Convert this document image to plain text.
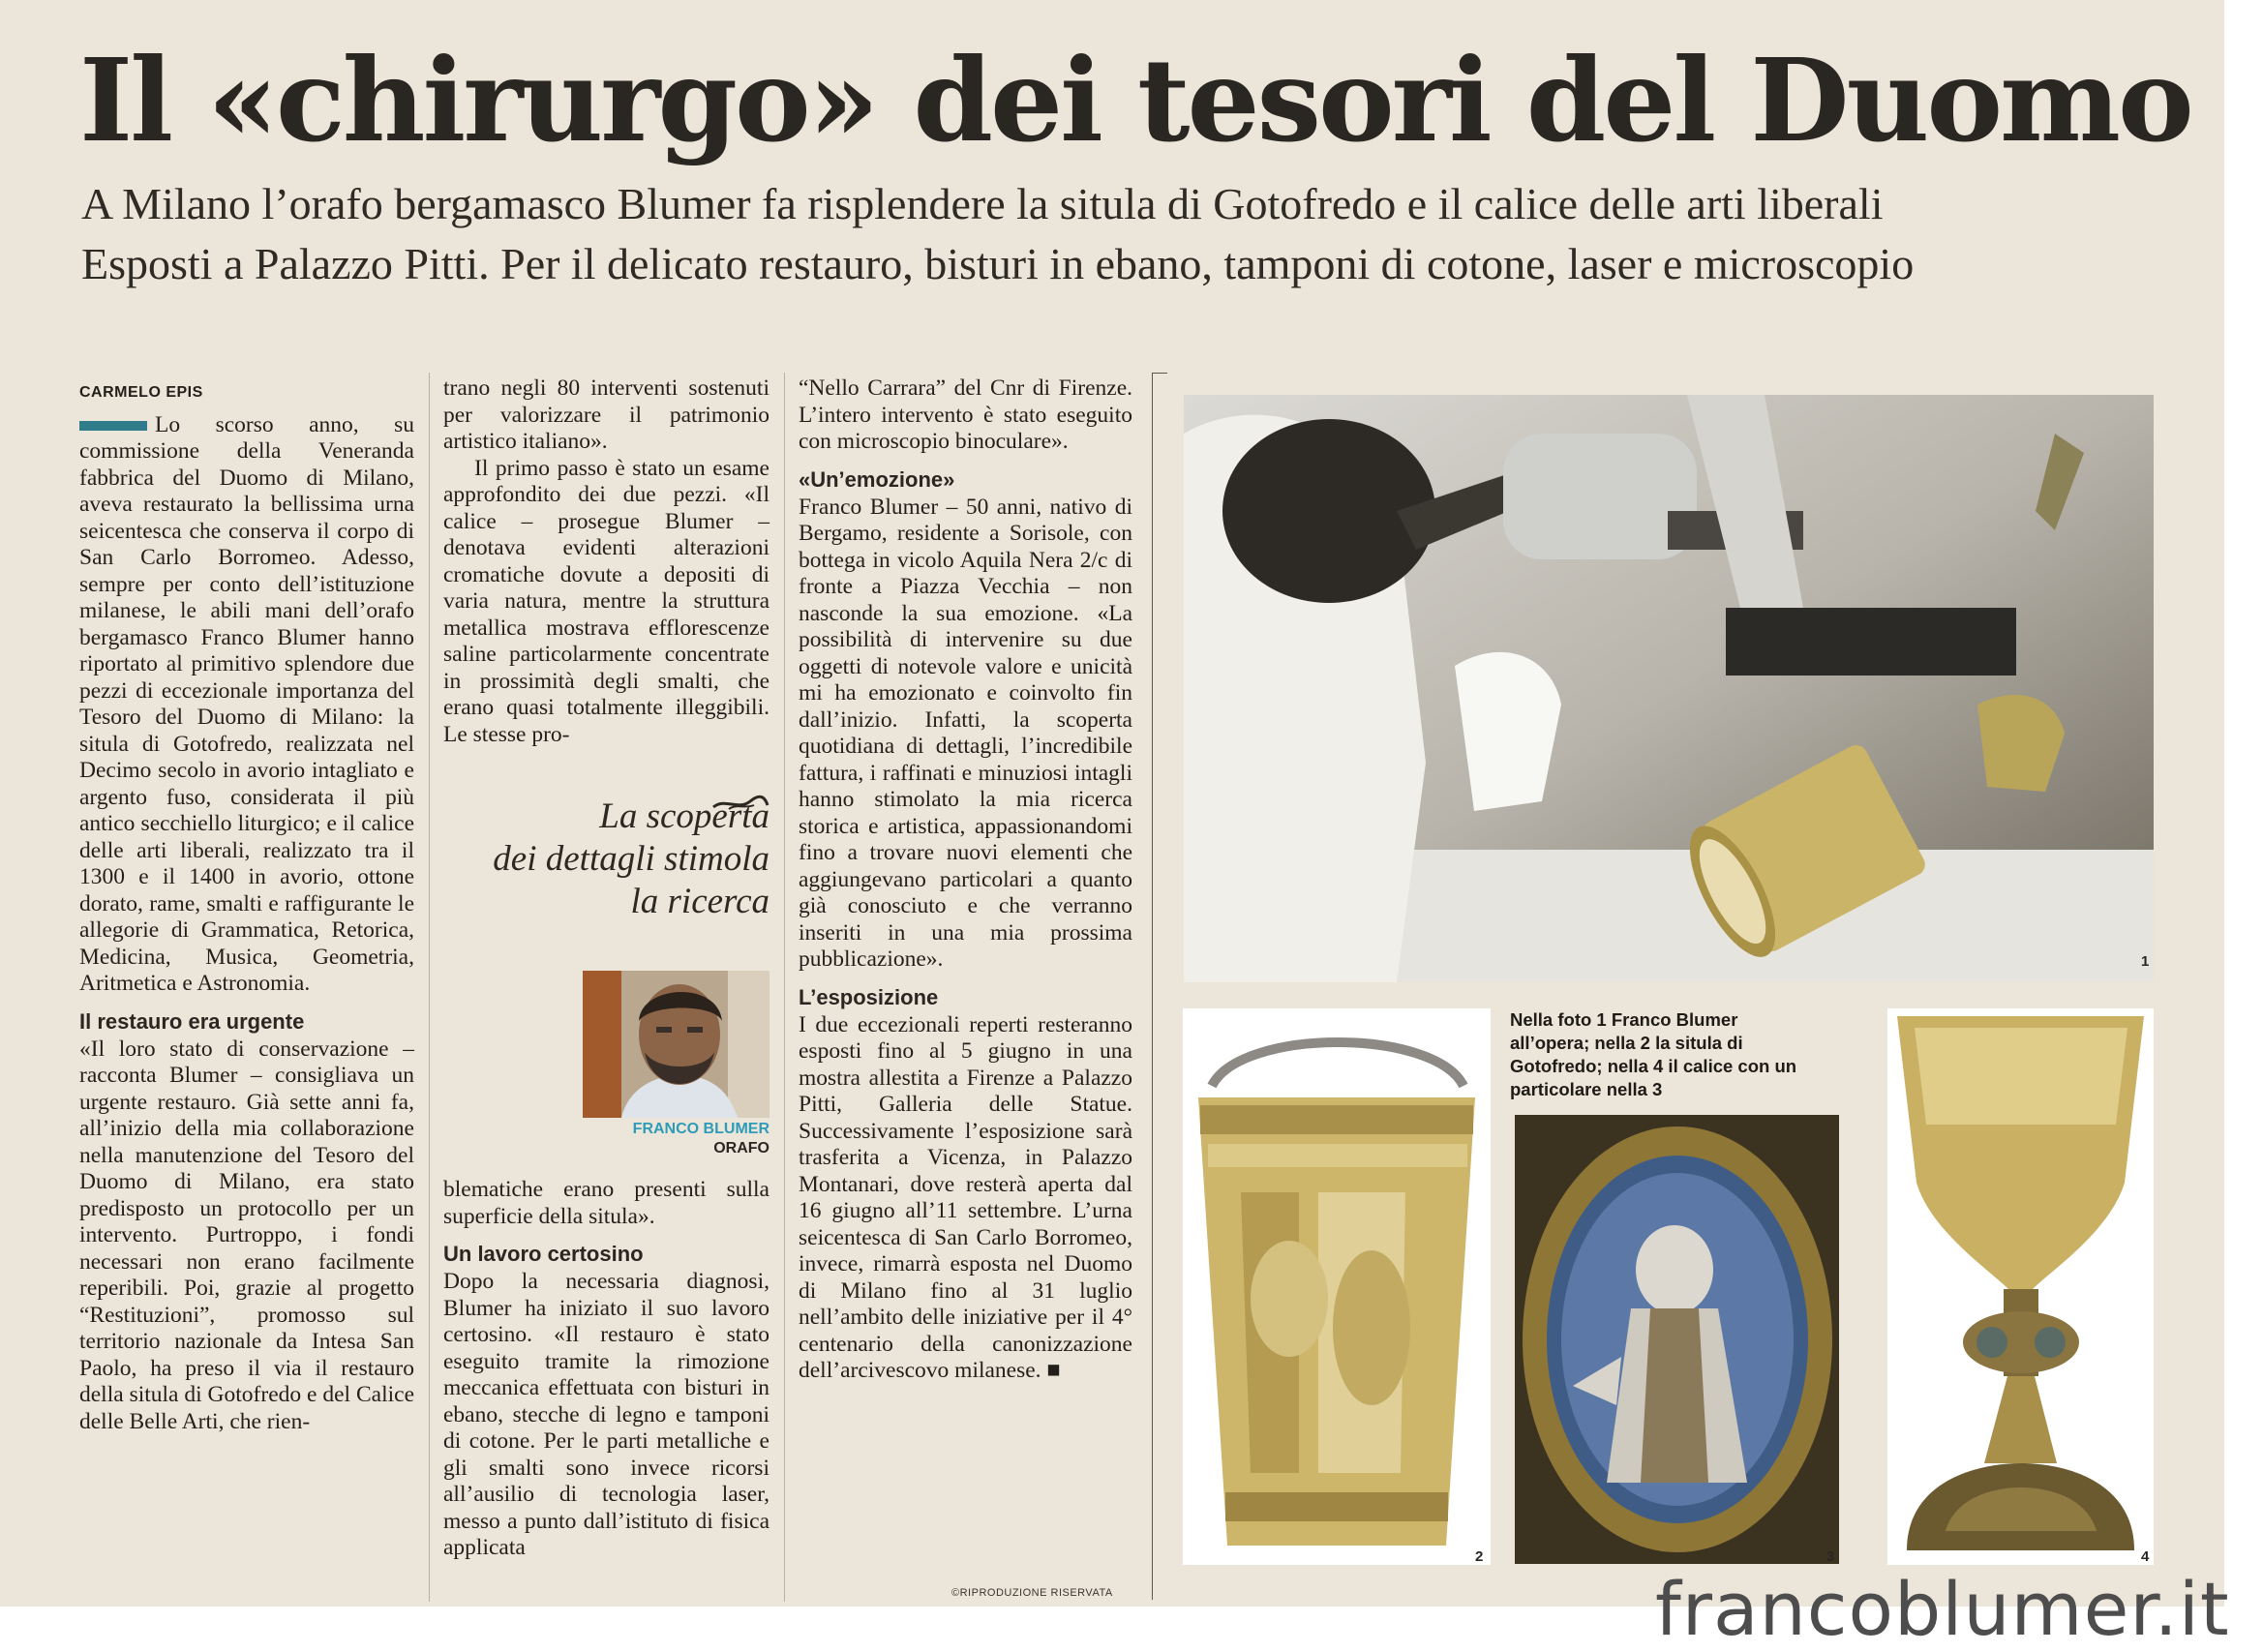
Il «chirurgo» dei tesori del Duomo
A Milano l’orafo bergamasco Blumer fa risplendere la situla di Gotofredo e il calice delle arti liberali
Esposti a Palazzo Pitti. Per il delicato restauro, bisturi in ebano, tamponi di cotone, laser e microscopio
CARMELO EPIS

Lo scorso anno, su commissione della Veneranda fabbrica del Duomo di Milano, aveva restaurato la bellissima urna seicentesca che conserva il corpo di San Carlo Borromeo. Adesso, sempre per conto dell’istituzione milanese, le abili mani dell’orafo bergamasco Franco Blumer hanno riportato al primitivo splendore due pezzi di eccezionale importanza del Tesoro del Duomo di Milano: la situla di Gotofredo, realizzata nel Decimo secolo in avorio intagliato e argento fuso, considerata il più antico secchiello liturgico; e il calice delle arti liberali, realizzato tra il 1300 e il 1400 in avorio, ottone dorato, rame, smalti e raffigurante le allegorie di Grammatica, Retorica, Medicina, Musica, Geometria, Aritmetica e Astronomia.

Il restauro era urgente

«Il loro stato di conservazione – racconta Blumer – consigliava un urgente restauro. Già sette anni fa, all’inizio della mia collaborazione nella manutenzione del Tesoro del Duomo di Milano, era stato predisposto un protocollo per un intervento. Purtroppo, i fondi necessari non erano facilmente reperibili. Poi, grazie al progetto “Restituzioni”, promosso sul territorio nazionale da Intesa San Paolo, ha preso il via il restauro della situla di Gotofredo e del Calice delle Belle Arti, che rien-

trano negli 80 interventi sostenuti per valorizzare il patrimonio artistico italiano».

Il primo passo è stato un esame approfondito dei due pezzi. «Il calice – prosegue Blumer – denotava evidenti alterazioni cromatiche dovute a depositi di varia natura, mentre la struttura metallica mostrava efflorescenze saline particolarmente concentrate in prossimità degli smalti, che erano quasi totalmente illeggibili. Le stesse pro-

blematiche erano presenti sulla superficie della situla».

Un lavoro certosino

Dopo la necessaria diagnosi, Blumer ha iniziato il suo lavoro certosino. «Il restauro è stato eseguito tramite la rimozione meccanica effettuata con bisturi in ebano, stecche di legno e tamponi di cotone. Per le parti metalliche e gli smalti sono invece ricorsi all’ausilio di tecnologia laser, messo a punto dall’istituto di fisica applicata

La scoperta
dei dettagli stimola
la ricerca
FRANCO BLUMER
ORAFO

“Nello Carrara” del Cnr di Firenze. L’intero intervento è stato eseguito con microscopio binoculare».

«Un’emozione»

Franco Blumer – 50 anni, nativo di Bergamo, residente a Sorisole, con bottega in vicolo Aquila Nera 2/c di fronte a Piazza Vecchia – non nasconde la sua emozione. «La possibilità di intervenire su due oggetti di notevole valore e unicità mi ha emozionato e coinvolto fin dall’inizio. Infatti, la scoperta quotidiana di dettagli, l’incredibile fattura, i raffinati e minuziosi intagli hanno stimolato la mia ricerca storica e artistica, appassionandomi fino a trovare nuovi elementi che aggiungevano particolari a quanto già conosciuto e che verranno inseriti in una mia prossima pubblicazione».

L’esposizione

I due eccezionali reperti resteranno esposti fino al 5 giugno in una mostra allestita a Firenze a Palazzo Pitti, Galleria delle Statue. Successivamente l’esposizione sarà trasferita a Vicenza, in Palazzo Montanari, dove resterà aperta dal 16 giugno all’11 settembre. L’urna seicentesca di San Carlo Borromeo, invece, rimarrà esposta nel Duomo di Milano fino al 31 luglio nell’ambito delle iniziative per il 4° centenario della canonizzazione dell’arcivescovo milanese. ■

©RIPRODUZIONE RISERVATA
1
2
Nella foto 1 Franco Blumer all’opera; nella 2 la situla di Gotofredo; nella 4 il calice con un particolare nella 3
3	4
francoblumer.it
